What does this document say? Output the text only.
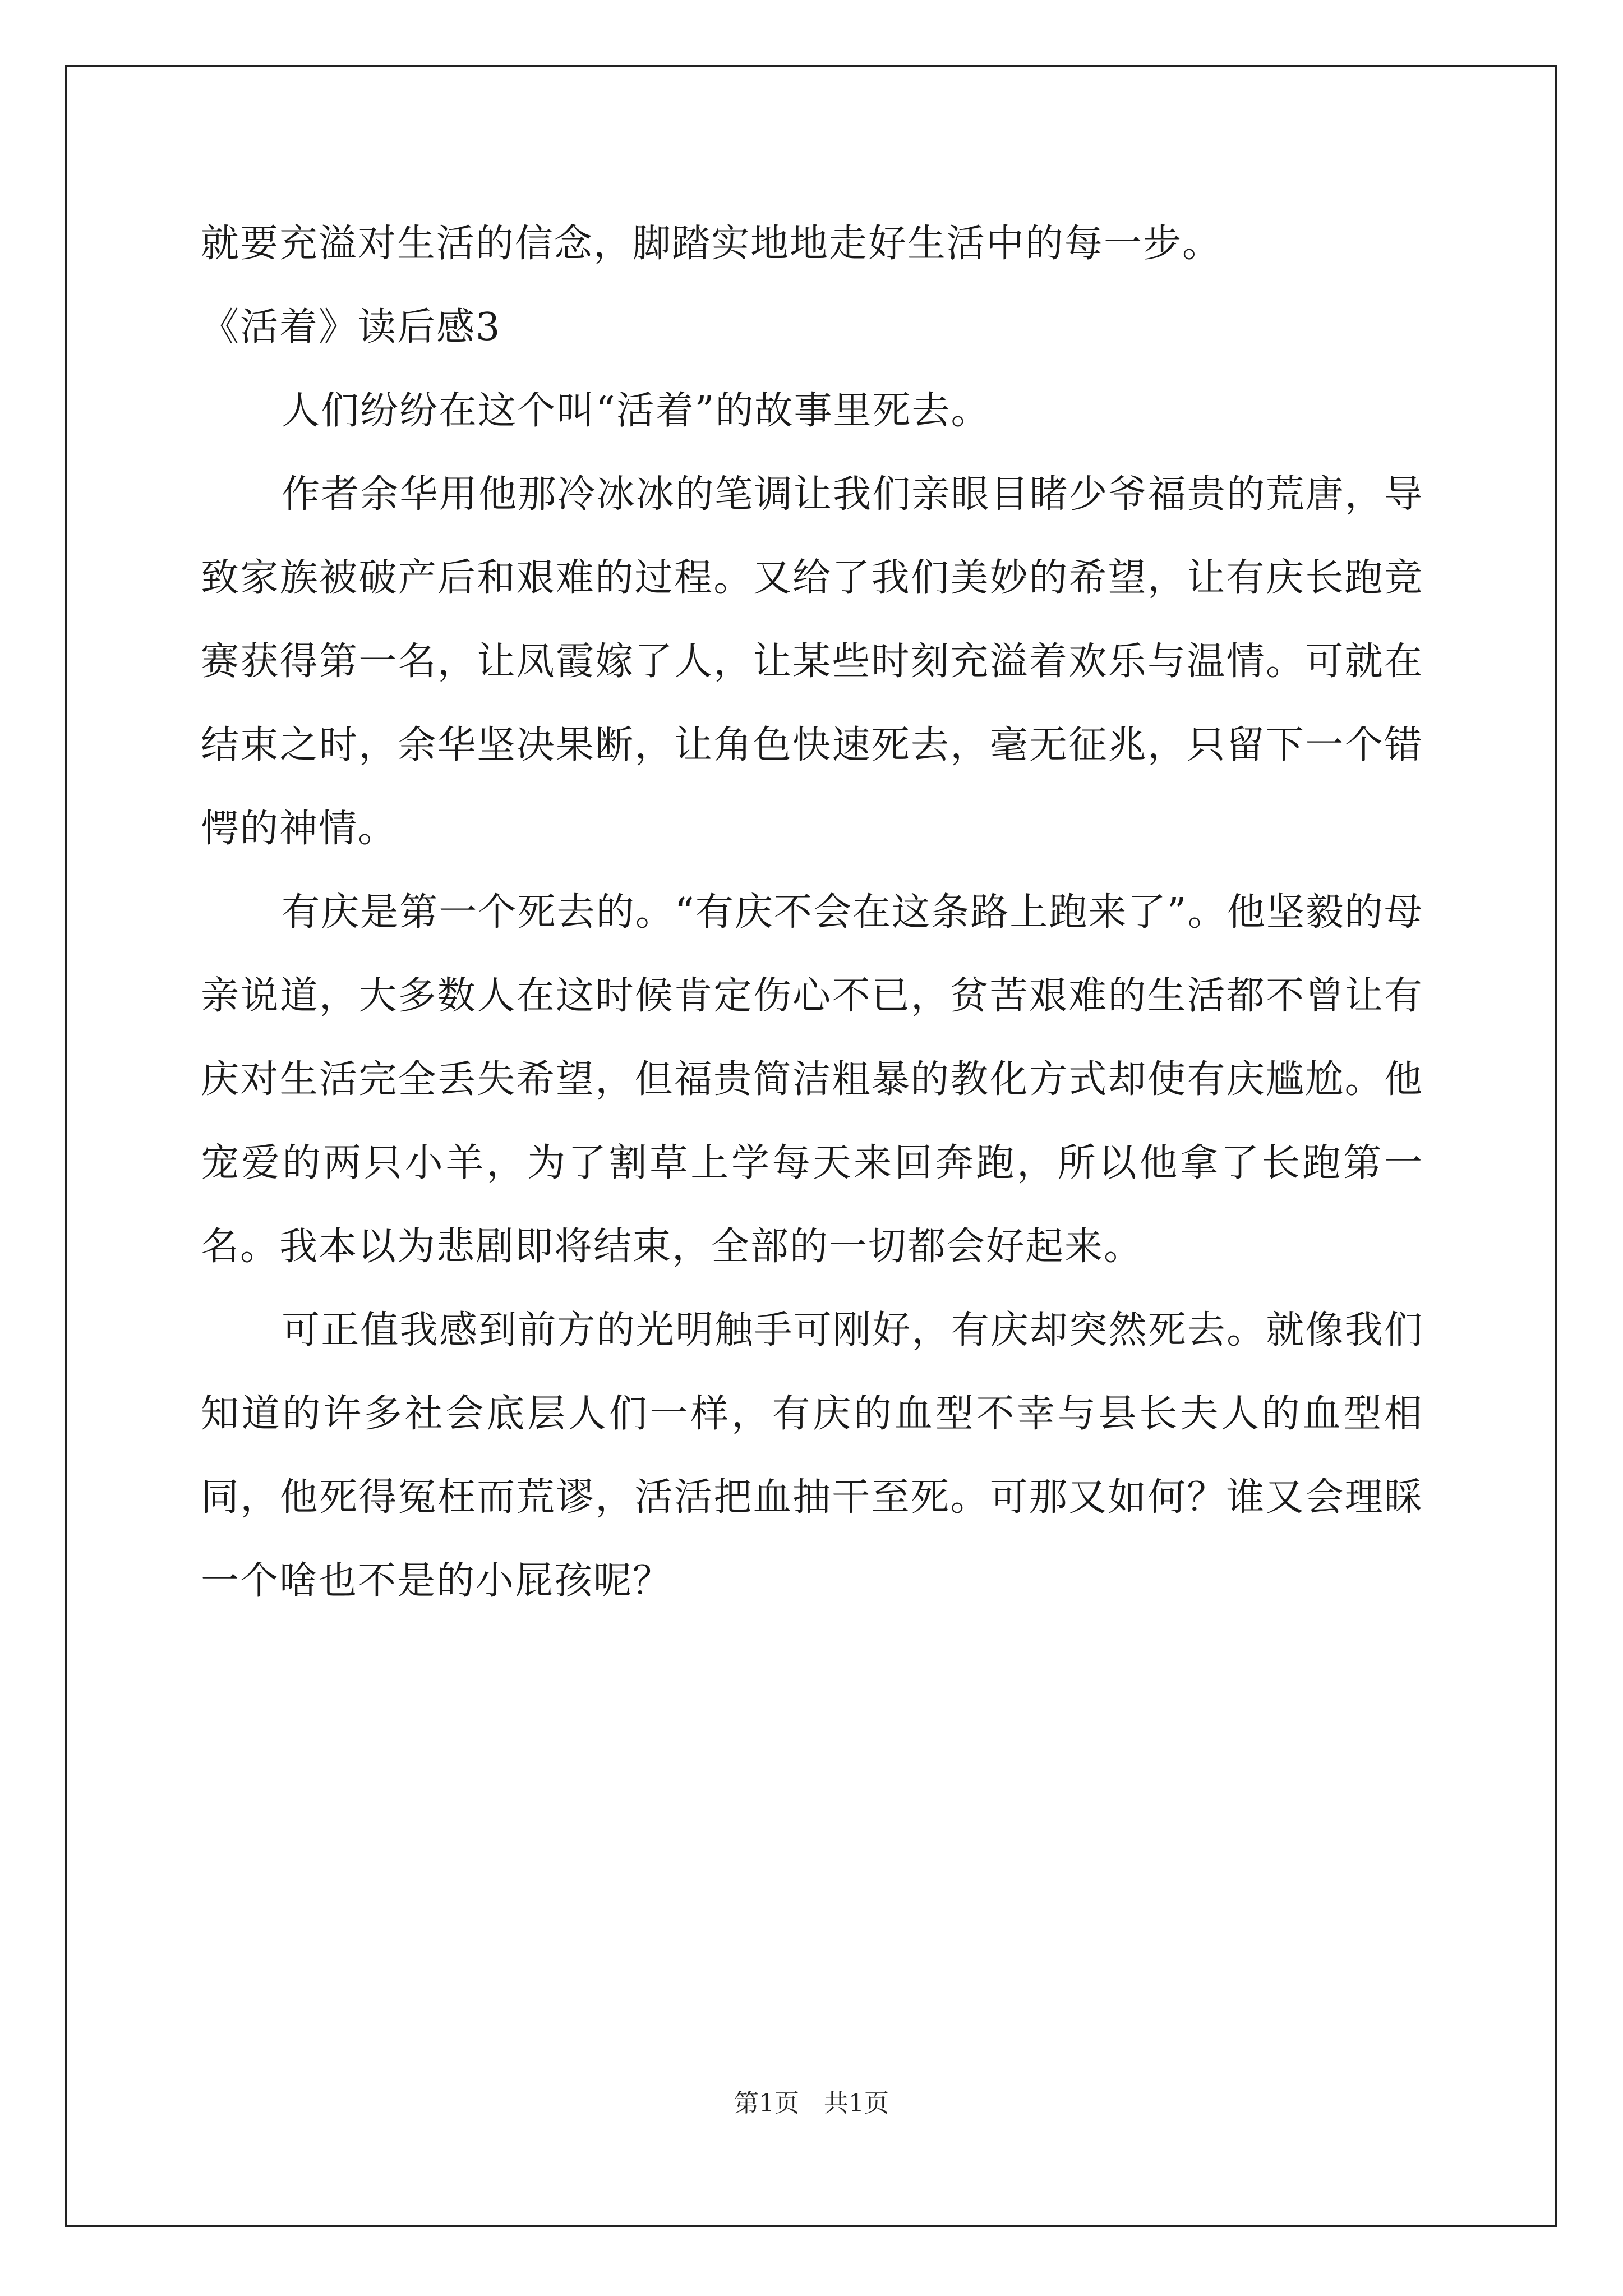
就要充溢对生活的信念，脚踏实地地走好生活中的每一步。
《活着》读后感3

人们纷纷在这个叫“活着”的故事里死去。

作者余华用他那冷冰冰的笔调让我们亲眼目睹少爷福贵的荒唐，导致家族被破产后和艰难的过程。又给了我们美妙的希望，让有庆长跑竞赛获得第一名，让凤霞嫁了人，让某些时刻充溢着欢乐与温情。可就在结束之时，余华坚决果断，让角色快速死去，毫无征兆，只留下一个错愕的神情。

有庆是第一个死去的。“有庆不会在这条路上跑来了”。他坚毅的母亲说道，大多数人在这时候肯定伤心不已，贫苦艰难的生活都不曾让有庆对生活完全丢失希望，但福贵简洁粗暴的教化方式却使有庆尴尬。他宠爱的两只小羊，为了割草上学每天来回奔跑，所以他拿了长跑第一名。我本以为悲剧即将结束，全部的一切都会好起来。

可正值我感到前方的光明触手可刚好，有庆却突然死去。就像我们知道的许多社会底层人们一样，有庆的血型不幸与县长夫人的血型相同，他死得冤枉而荒谬，活活把血抽干至死。可那又如何？谁又会理睬一个啥也不是的小屁孩呢？

第1页 共1页
